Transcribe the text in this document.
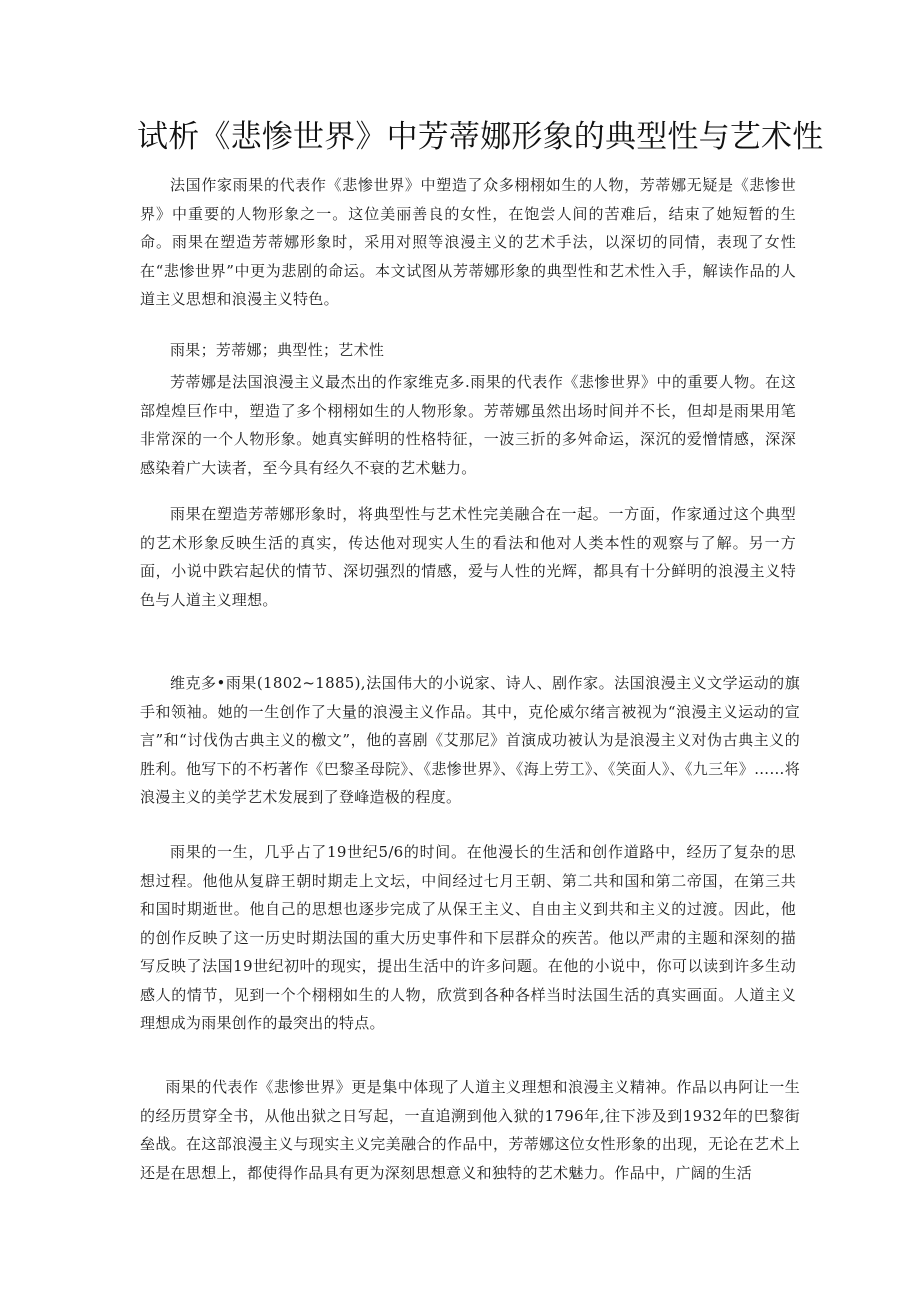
试析《悲惨世界》中芳蒂娜形象的典型性与艺术性

法国作家雨果的代表作《悲惨世界》中塑造了众多栩栩如生的人物，芳蒂娜无疑是《悲惨世界》中重要的人物形象之一。这位美丽善良的女性，在饱尝人间的苦难后，结束了她短暂的生命。雨果在塑造芳蒂娜形象时，采用对照等浪漫主义的艺术手法，以深切的同情，表现了女性在“悲惨世界”中更为悲剧的命运。本文试图从芳蒂娜形象的典型性和艺术性入手，解读作品的人道主义思想和浪漫主义特色。

雨果；芳蒂娜；典型性；艺术性

芳蒂娜是法国浪漫主义最杰出的作家维克多.雨果的代表作《悲惨世界》中的重要人物。在这部煌煌巨作中，塑造了多个栩栩如生的人物形象。芳蒂娜虽然出场时间并不长，但却是雨果用笔非常深的一个人物形象。她真实鲜明的性格特征，一波三折的多舛命运，深沉的爱憎情感，深深感染着广大读者，至今具有经久不衰的艺术魅力。

雨果在塑造芳蒂娜形象时，将典型性与艺术性完美融合在一起。一方面，作家通过这个典型的艺术形象反映生活的真实，传达他对现实人生的看法和他对人类本性的观察与了解。另一方面，小说中跌宕起伏的情节、深切强烈的情感，爱与人性的光辉，都具有十分鲜明的浪漫主义特色与人道主义理想。

维克多•雨果(1802~1885),法国伟大的小说家、诗人、剧作家。法国浪漫主义文学运动的旗手和领袖。她的一生创作了大量的浪漫主义作品。其中，克伦威尔绪言被视为“浪漫主义运动的宣言”和“讨伐伪古典主义的檄文”，他的喜剧《艾那尼》首演成功被认为是浪漫主义对伪古典主义的胜利。他写下的不朽著作《巴黎圣母院》、《悲惨世界》、《海上劳工》、《笑面人》、《九三年》……将浪漫主义的美学艺术发展到了登峰造极的程度。

雨果的一生，几乎占了19世纪5/6的时间。在他漫长的生活和创作道路中，经历了复杂的思想过程。他他从复辟王朝时期走上文坛，中间经过七月王朝、第二共和国和第二帝国，在第三共和国时期逝世。他自己的思想也逐步完成了从保王主义、自由主义到共和主义的过渡。因此，他的创作反映了这一历史时期法国的重大历史事件和下层群众的疾苦。他以严肃的主题和深刻的描写反映了法国19世纪初叶的现实，提出生活中的许多问题。在他的小说中，你可以读到许多生动感人的情节，见到一个个栩栩如生的人物，欣赏到各种各样当时法国生活的真实画面。人道主义理想成为雨果创作的最突出的特点。

雨果的代表作《悲惨世界》更是集中体现了人道主义理想和浪漫主义精神。作品以冉阿让一生的经历贯穿全书，从他出狱之日写起，一直追溯到他入狱的1796年,往下涉及到1932年的巴黎街垒战。在这部浪漫主义与现实主义完美融合的作品中，芳蒂娜这位女性形象的出现，无论在艺术上还是在思想上，都使得作品具有更为深刻思想意义和独特的艺术魅力。作品中，广阔的生活
